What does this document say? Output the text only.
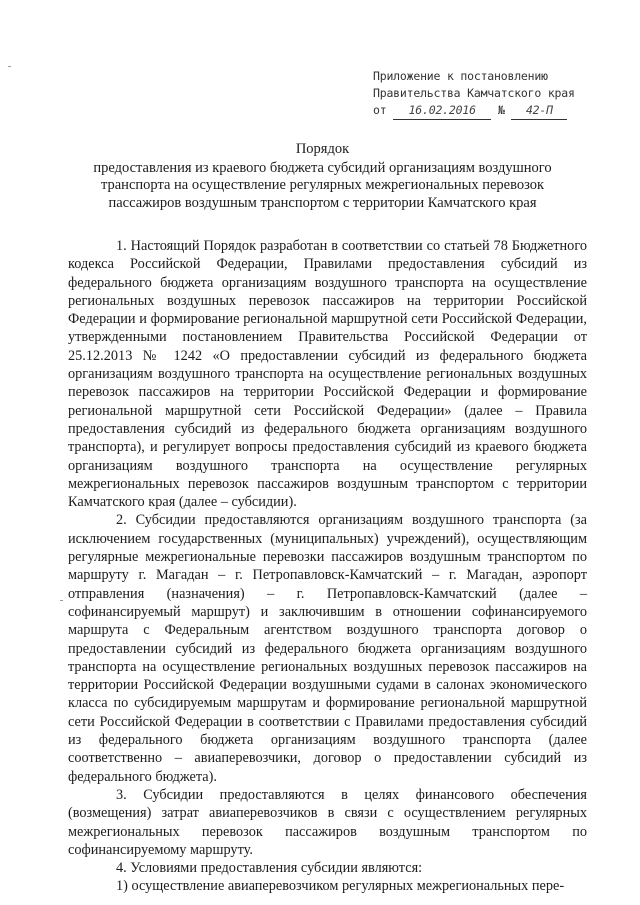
Приложение к постановлению
Правительства Камчатского края
от 16.02.2016 № 42-П
Порядок
предоставления из краевого бюджета субсидий организациям воздушного
транспорта на осуществление регулярных межрегиональных перевозок
пассажиров воздушным транспортом с территории Камчатского края

1. Настоящий Порядок разработан в соответствии со статьей 78 Бюджетного кодекса Российской Федерации, Правилами предоставления субсидий из федерального бюджета организациям воздушного транспорта на осуществление региональных воздушных перевозок пассажиров на территории Российской Федерации и формирование региональной маршрутной сети Российской Федерации, утвержденными постановлением Правительства Российской Федерации от 25.12.2013 № 1242 «О предоставлении субсидий из федерального бюджета организациям воздушного транспорта на осуществление региональных воздушных перевозок пассажиров на территории Российской Федерации и формирование региональной маршрутной сети Российской Федерации» (далее – Правила предоставления субсидий из федерального бюджета организациям воздушного транспорта), и регулирует вопросы предоставления субсидий из краевого бюджета организациям воздушного транспорта на осуществление регулярных межрегиональных перевозок пассажиров воздушным транспортом с территории Камчатского края (далее – субсидии).

2. Субсидии предоставляются организациям воздушного транспорта (за исключением государственных (муниципальных) учреждений), осуществляющим регулярные межрегиональные перевозки пассажиров воздушным транспортом по маршруту г. Магадан – г. Петропавловск-Камчатский – г. Магадан, аэропорт отправления (назначения) – г. Петропавловск-Камчатский (далее – софинансируемый маршрут) и заключившим в отношении софинансируемого маршрута с Федеральным агентством воздушного транспорта договор о предоставлении субсидий из федерального бюджета организациям воздушного транспорта на осуществление региональных воздушных перевозок пассажиров на территории Российской Федерации воздушными судами в салонах экономического класса по субсидируемым маршрутам и формирование региональной маршрутной сети Российской Федерации в соответствии с Правилами предоставления субсидий из федерального бюджета организациям воздушного транспорта (далее соответственно – авиаперевозчики, договор о предоставлении субсидий из федерального бюджета).

3. Субсидии предоставляются в целях финансового обеспечения (возмещения) затрат авиаперевозчиков в связи с осуществлением регулярных межрегиональных перевозок пассажиров воздушным транспортом по софинансируемому маршруту.

4. Условиями предоставления субсидии являются:

1) осуществление авиаперевозчиком регулярных межрегиональных пере-
